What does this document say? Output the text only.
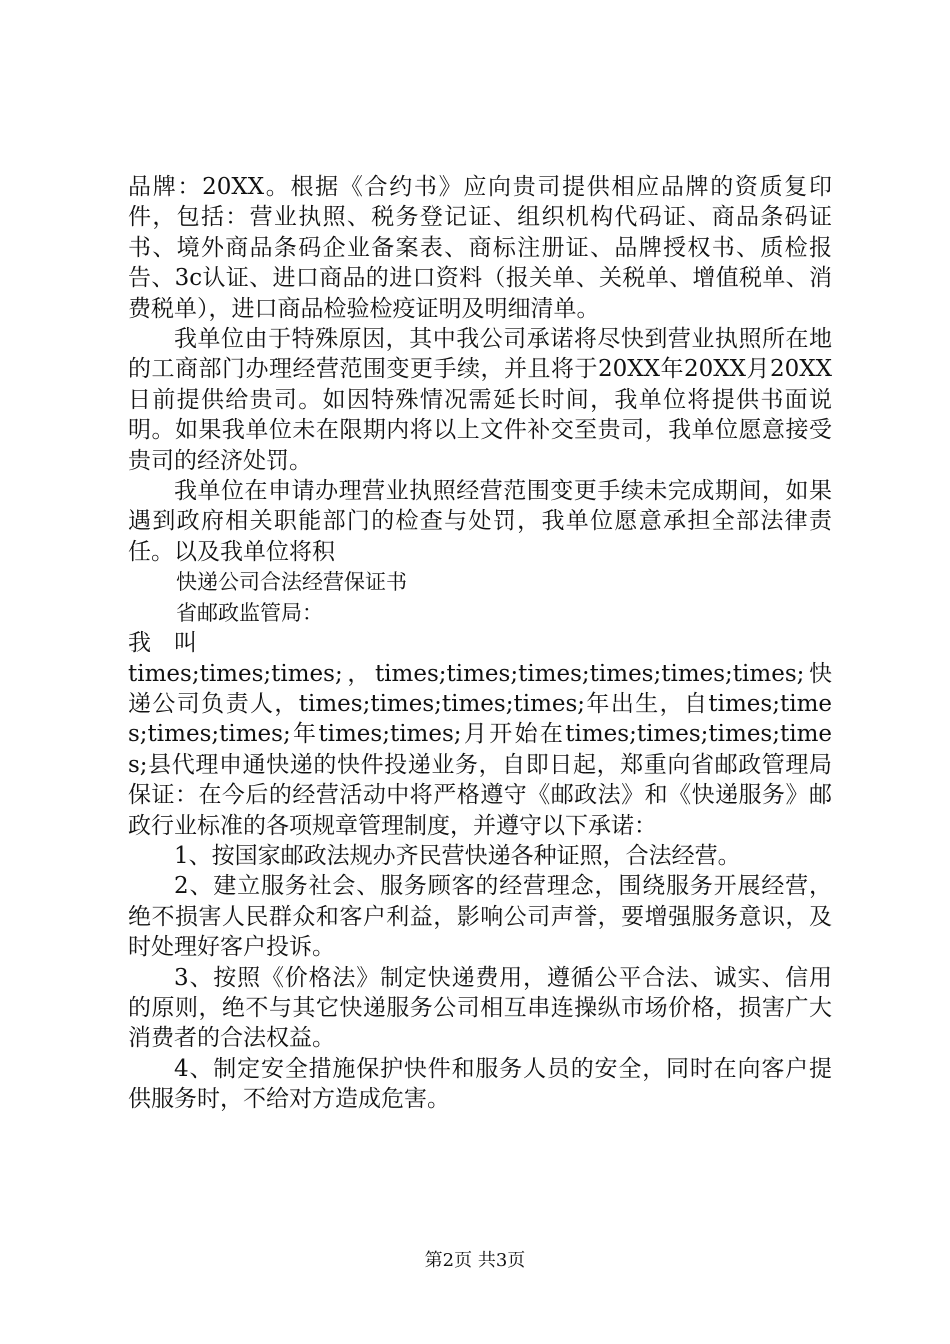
品牌：20XX。根据《合约书》应向贵司提供相应品牌的资质复印件，包括：营业执照、税务登记证、组织机构代码证、商品条码证书、境外商品条码企业备案表、商标注册证、品牌授权书、质检报告、3c认证、进口商品的进口资料（报关单、关税单、增值税单、消费税单），进口商品检验检疫证明及明细清单。

我单位由于特殊原因，其中我公司承诺将尽快到营业执照所在地的工商部门办理经营范围变更手续，并且将于20XX年20XX月20XX日前提供给贵司。如因特殊情况需延长时间，我单位将提供书面说明。如果我单位未在限期内将以上文件补交至贵司，我单位愿意接受贵司的经济处罚。

我单位在申请办理营业执照经营范围变更手续未完成期间，如果遇到政府相关职能部门的检查与处罚，我单位愿意承担全部法律责任。以及我单位将积

快递公司合法经营保证书

省邮政监管局：

我　叫

times;times;times;，times;times;times;times;times;times;快递公司负责人，times;times;times;times;年出生，自times;times;times;times;年times;times;月开始在times;times;times;times;县代理申通快递的快件投递业务，自即日起，郑重向省邮政管理局保证：在今后的经营活动中将严格遵守《邮政法》和《快递服务》邮政行业标准的各项规章管理制度，并遵守以下承诺：

1、按国家邮政法规办齐民营快递各种证照，合法经营。

2、建立服务社会、服务顾客的经营理念，围绕服务开展经营，绝不损害人民群众和客户利益，影响公司声誉，要增强服务意识，及时处理好客户投诉。

3、按照《价格法》制定快递费用，遵循公平合法、诚实、信用的原则，绝不与其它快递服务公司相互串连操纵市场价格，损害广大消费者的合法权益。

4、制定安全措施保护快件和服务人员的安全，同时在向客户提供服务时，不给对方造成危害。

第2页 共3页
